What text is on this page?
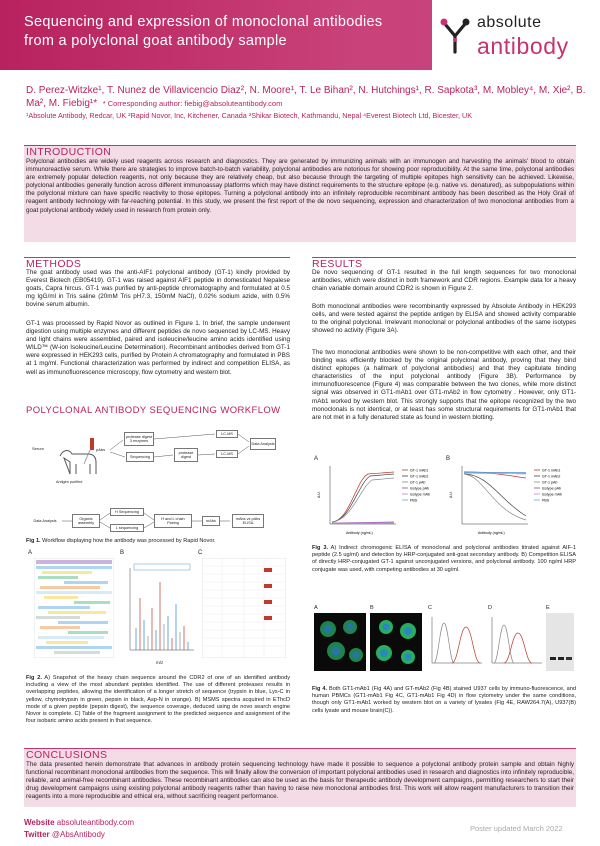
Sequencing and expression of monoclonal antibodies from a polyclonal goat antibody sample
absolute
antibody
D. Perez-Witzke¹, T. Nunez de Villavicencio Diaz², N. Moore¹, T. Le Bihan², N. Hutchings¹, R. Sapkota³, M. Mobley⁴, M. Xie², B. Ma², M. Fiebig¹* * Corresponding author: fiebig@absoluteantibody.com
¹Absolute Antibody, Redcar, UK ²Rapid Novor, Inc, Kitchener, Canada ³Shikar Biotech, Kathmandu, Nepal ⁴Everest Biotech Ltd, Bicester, UK
INTRODUCTION
Polyclonal antibodies are widely used reagents across research and diagnostics. They are generated by immunizing animals with an immunogen and harvesting the animals' blood to obtain immunoreactive serum. While there are strategies to improve batch-to-batch variability, polyclonal antibodies are notorious for showing poor reproducibility. At the same time, polyclonal antibodies are extremely popular detection reagents, not only because they are relatively cheap, but also because through the targeting of multiple epitopes high sensitivity can be achieved. Likewise, polyclonal antibodies generally function across different immunoassay platforms which may have distinct requirements to the structure epitope (e.g. native vs. denatured), as subpopulations within the polyclonal mixture can have specific reactivity to those epitopes. Turning a polyclonal antibody into an infinitely reproducible recombinant antibody has been described as the Holy Grail of reagent antibody technology with far-reaching potential. In this study, we present the first report of the de novo sequencing, expression and characterization of two monoclonal antibodies from a goat polyclonal antibody widely used in research from protein only.
METHODS
The goat antibody used was the anti-AIF1 polyclonal antibody (GT-1) kindly provided by Everest Biotech (EB05419). GT-1 was raised against AIF1 peptide in domesticated Nepalese goats, Capra hircus. GT-1 was purified by anti-peptide chromatography and formulated at 0.5 mg IgG/ml in Tris saline (20mM Tris pH7.3, 150mM NaCl), 0.02% sodium azide, with 0.5% bovine serum albumin.
GT-1 was processed by Rapid Novor as outlined in Figure 1. In brief, the sample underwent digestion using multiple enzymes and different peptides de novo sequenced by LC-MS. Heavy and light chains were assembled, paired and isoleucine/leucine amino acids identified using WILD™ (W-ion Isoleucine/Leucine Determination). Recombinant antibodies derived from GT-1 were expressed in HEK293 cells, purified by Protein A chromatography and formulated in PBS at 1 mg/ml. Functional characterization was performed by indirect and competition ELISA, as well as immunofluorescence microscopy, flow cytometry and western blot.
POLYCLONAL ANTIBODY SEQUENCING WORKFLOW
Serum
Antigen purified
pAbs
protease digest 3 enzymes
Sequencing
protease digest
LC-MS
LC-MS
Data Analysis
Data Analysis
Organic assembly
H Sequencing
L sequencing
H and L chain Pairing
mAbs
mAbs vs pAbs ELISA
Fig 1. Workflow displaying how the antibody was processed by Rapid Novor.
A	B	C
m/z
Fig 2. A) Snapshot of the heavy chain sequence around the CDR2 of one of an identified antibody including a view of the most abundant peptides identified. The use of different proteases results in overlapping peptides, allowing the identification of a longer stretch of sequence (trypsin in blue, Lys-C in yellow, chymotrypsin in green, pepsin in black, Asp-N in orange). B) MSMS spectra acquired in EThcD mode of a given peptide (pepsin digest), the sequence coverage, deduced using de novo search engine Novor is complete. C) Table of the fragment assignment to the predicted sequence and assignment of the four isobaric amino acids present in that sequence.
RESULTS
De novo sequencing of GT-1 resulted in the full length sequences for two monoclonal antibodies, which were distinct in both framework and CDR regions. Example data for a heavy chain variable domain around CDR2 is shown in Figure 2.
Both monoclonal antibodies were recombinantly expressed by Absolute Antibody in HEK293 cells, and were tested against the peptide antigen by ELISA and showed activity comparable to the original polyclonal. Irrelevant monoclonal or polyclonal antibodies of the same isotypes showed no activity (Figure 3A).
The two monoclonal antibodies were shown to be non-competitive with each other, and their binding was efficiently blocked by the original polyclonal antibody, proving that they bind distinct epitopes (a hallmark of polyclonal antibodies) and that they capitulate binding characteristics of the input polyclonal antibody (Figure 3B). Performance by immunofluorescence (Figure 4) was comparable between the two clones, while more distinct signal was observed in GT1-mAb1 over GT1-mAb2 in flow cytometry . However, only GT1-mAb1 worked by western blot. This strongly supports that the epitope recognized by the two monoclonals is not identical, or at least has some structural requirements for GT1-mAb1 that are not met in a fully denatured state as found in western blotting.
A	B
A.U.
Antibody (ng/mL)
GT-1 mAb1
GT-1 mAb2
GT-1 pAb
Isotype pAb
Isotype mAb
PBS
A.U.
Antibody (ng/mL)
GT-1 mAb1
GT-1 mAb2
GT-1 pAb
Isotype pAb
Isotype mAb
PBS
Fig 3. A) Indirect chromogenic ELISA of monoclonal and polyclonal antibodies titrated against AIF-1 peptide (2.5 ug/ml) and detection by HRP-conjugated anti-goat secondary antibody. B) Competition ELISA of directly HRP-conjugated GT-1 against unconjugated versions, and polyclonal antibody. 100 ng/ml HRP conjugate was used, with competing antibodies at 30 ug/ml.
A	B	C	D	E
Fig 4. Both GT1-mAb1 (Fig 4A) and GT-mAb2 (Fig 4B) stained U937 cells by immuno-fluorescence, and human PBMCs (GT1-mAb1 Fig 4C, GT1-mAb1 Fig 4D) in flow cytometry under the same conditions, though only GT1-mAb1 worked by western blot on a variety of lysates (Fig 4E, RAW264.7(A), U937(B) cells lysate and mouse brain(C)).
CONCLUSIONS
The data presented herein demonstrate that advances in antibody protein sequencing technology have made it possible to sequence a polyclonal antibody protein sample and obtain highly functional recombinant monoclonal antibodies from the sequence. This will finally allow the conversion of important polyclonal antibodies used in research and diagnostics into infinitely reproducible, reliable, and animal-free recombinant antibodies. These recombinant antibodies can also be used as the basis for therapeutic antibody development campaigns, permitting researchers to start their drug development campaigns using existing polyclonal antibody reagents rather than having to raise new monoclonal antibodies first. This work will allow reagent manufacturers to transition their reagents into a more reproducible and ethical era, without sacrificing reagent performance.
Website absoluteantibody.com
Twitter @AbsAntibody
Poster updated March 2022
